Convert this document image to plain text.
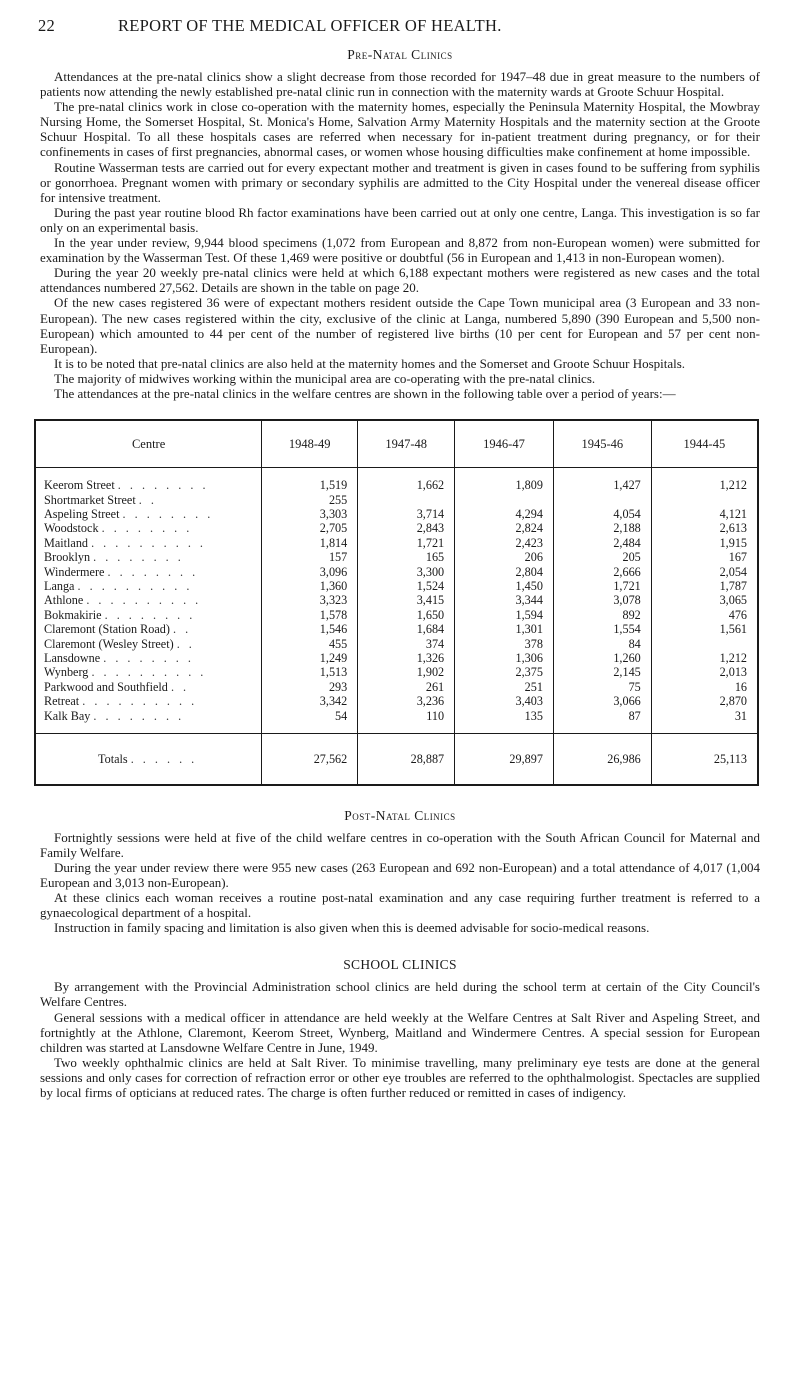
22	REPORT OF THE MEDICAL OFFICER OF HEALTH.
Pre-Natal Clinics

Attendances at the pre-natal clinics show a slight decrease from those recorded for 1947–48 due in great measure to the numbers of patients now attending the newly established pre-natal clinic run in connection with the maternity wards at Groote Schuur Hospital.

The pre-natal clinics work in close co-operation with the maternity homes, especially the Peninsula Maternity Hospital, the Mowbray Nursing Home, the Somerset Hospital, St. Monica's Home, Salvation Army Maternity Hospitals and the maternity section at the Groote Schuur Hospital. To all these hospitals cases are referred when necessary for in-patient treatment during pregnancy, or for their confinements in cases of first pregnancies, abnormal cases, or women whose housing difficulties make confinement at home impossible.

Routine Wasserman tests are carried out for every expectant mother and treatment is given in cases found to be suffering from syphilis or gonorrhoea. Pregnant women with primary or secondary syphilis are admitted to the City Hospital under the venereal disease officer for intensive treatment.

During the past year routine blood Rh factor examinations have been carried out at only one centre, Langa. This investigation is so far only on an experimental basis.

In the year under review, 9,944 blood specimens (1,072 from European and 8,872 from non-European women) were submitted for examination by the Wasserman Test. Of these 1,469 were positive or doubtful (56 in European and 1,413 in non-European women).

During the year 20 weekly pre-natal clinics were held at which 6,188 expectant mothers were registered as new cases and the total attendances numbered 27,562. Details are shown in the table on page 20.

Of the new cases registered 36 were of expectant mothers resident outside the Cape Town municipal area (3 European and 33 non-European). The new cases registered within the city, exclusive of the clinic at Langa, numbered 5,890 (390 European and 5,500 non-European) which amounted to 44 per cent of the number of registered live births (10 per cent for European and 57 per cent non-European).

It is to be noted that pre-natal clinics are also held at the maternity homes and the Somerset and Groote Schuur Hospitals.

The majority of midwives working within the municipal area are co-operating with the pre-natal clinics.

The attendances at the pre-natal clinics in the welfare centres are shown in the following table over a period of years:—

Centre	1948-49	1947-48	1946-47	1945-46	1944-45
Keerom Street . . . . . . . .	1,519	1,662	1,809	1,427	1,212
Shortmarket Street . .	255				
Aspeling Street . . . . . . . .	3,303	3,714	4,294	4,054	4,121
Woodstock . . . . . . . .	2,705	2,843	2,824	2,188	2,613
Maitland . . . . . . . . . .	1,814	1,721	2,423	2,484	1,915
Brooklyn . . . . . . . .	157	165	206	205	167
Windermere . . . . . . . .	3,096	3,300	2,804	2,666	2,054
Langa . . . . . . . . . .	1,360	1,524	1,450	1,721	1,787
Athlone . . . . . . . . . .	3,323	3,415	3,344	3,078	3,065
Bokmakirie . . . . . . . .	1,578	1,650	1,594	892	476
Claremont (Station Road) . .	1,546	1,684	1,301	1,554	1,561
Claremont (Wesley Street) . .	455	374	378	84	
Lansdowne . . . . . . . .	1,249	1,326	1,306	1,260	1,212
Wynberg . . . . . . . . . .	1,513	1,902	2,375	2,145	2,013
Parkwood and Southfield . .	293	261	251	75	16
Retreat . . . . . . . . . .	3,342	3,236	3,403	3,066	2,870
Kalk Bay . . . . . . . .	54	110	135	87	31
Totals . . . . . .	27,562	28,887	29,897	26,986	25,113
Post-Natal Clinics

Fortnightly sessions were held at five of the child welfare centres in co-operation with the South African Council for Maternal and Family Welfare.

During the year under review there were 955 new cases (263 European and 692 non-European) and a total attendance of 4,017 (1,004 European and 3,013 non-European).

At these clinics each woman receives a routine post-natal examination and any case requiring further treatment is referred to a gynaecological department of a hospital.

Instruction in family spacing and limitation is also given when this is deemed advisable for socio-medical reasons.

SCHOOL CLINICS

By arrangement with the Provincial Administration school clinics are held during the school term at certain of the City Council's Welfare Centres.

General sessions with a medical officer in attendance are held weekly at the Welfare Centres at Salt River and Aspeling Street, and fortnightly at the Athlone, Claremont, Keerom Street, Wynberg, Maitland and Windermere Centres. A special session for European children was started at Lansdowne Welfare Centre in June, 1949.

Two weekly ophthalmic clinics are held at Salt River. To minimise travelling, many preliminary eye tests are done at the general sessions and only cases for correction of refraction error or other eye troubles are referred to the ophthalmologist. Spectacles are supplied by local firms of opticians at reduced rates. The charge is often further reduced or remitted in cases of indigency.
